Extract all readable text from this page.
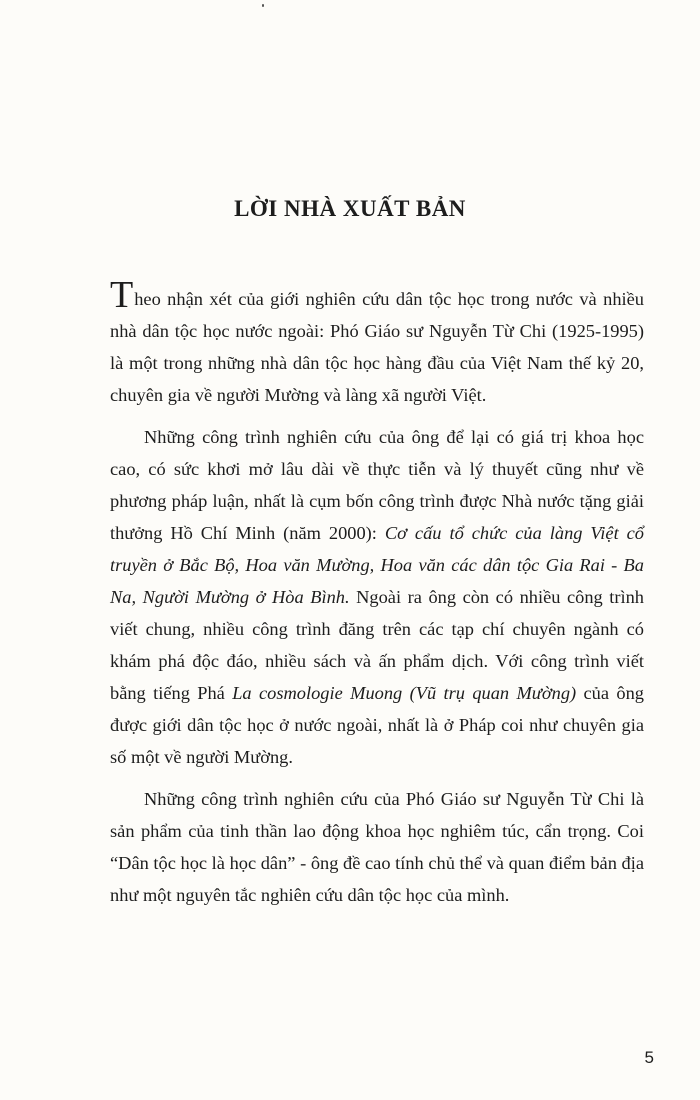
LỜI NHÀ XUẤT BẢN

Theo nhận xét của giới nghiên cứu dân tộc học trong nước và nhiều nhà dân tộc học nước ngoài: Phó Giáo sư Nguyễn Từ Chi (1925-1995) là một trong những nhà dân tộc học hàng đầu của Việt Nam thế kỷ 20, chuyên gia về người Mường và làng xã người Việt.

Những công trình nghiên cứu của ông để lại có giá trị khoa học cao, có sức khơi mở lâu dài về thực tiễn và lý thuyết cũng như về phương pháp luận, nhất là cụm bốn công trình được Nhà nước tặng giải thưởng Hồ Chí Minh (năm 2000): Cơ cấu tổ chức của làng Việt cổ truyền ở Bắc Bộ, Hoa văn Mường, Hoa văn các dân tộc Gia Rai - Ba Na, Người Mường ở Hòa Bình. Ngoài ra ông còn có nhiều công trình viết chung, nhiều công trình đăng trên các tạp chí chuyên ngành có khám phá độc đáo, nhiều sách và ấn phẩm dịch. Với công trình viết bằng tiếng Phá La cosmologie Muong (Vũ trụ quan Mường) của ông được giới dân tộc học ở nước ngoài, nhất là ở Pháp coi như chuyên gia số một về người Mường.

Những công trình nghiên cứu của Phó Giáo sư Nguyễn Từ Chi là sản phẩm của tinh thần lao động khoa học nghiêm túc, cẩn trọng. Coi “Dân tộc học là học dân” - ông đề cao tính chủ thể và quan điểm bản địa như một nguyên tắc nghiên cứu dân tộc học của mình.

5
